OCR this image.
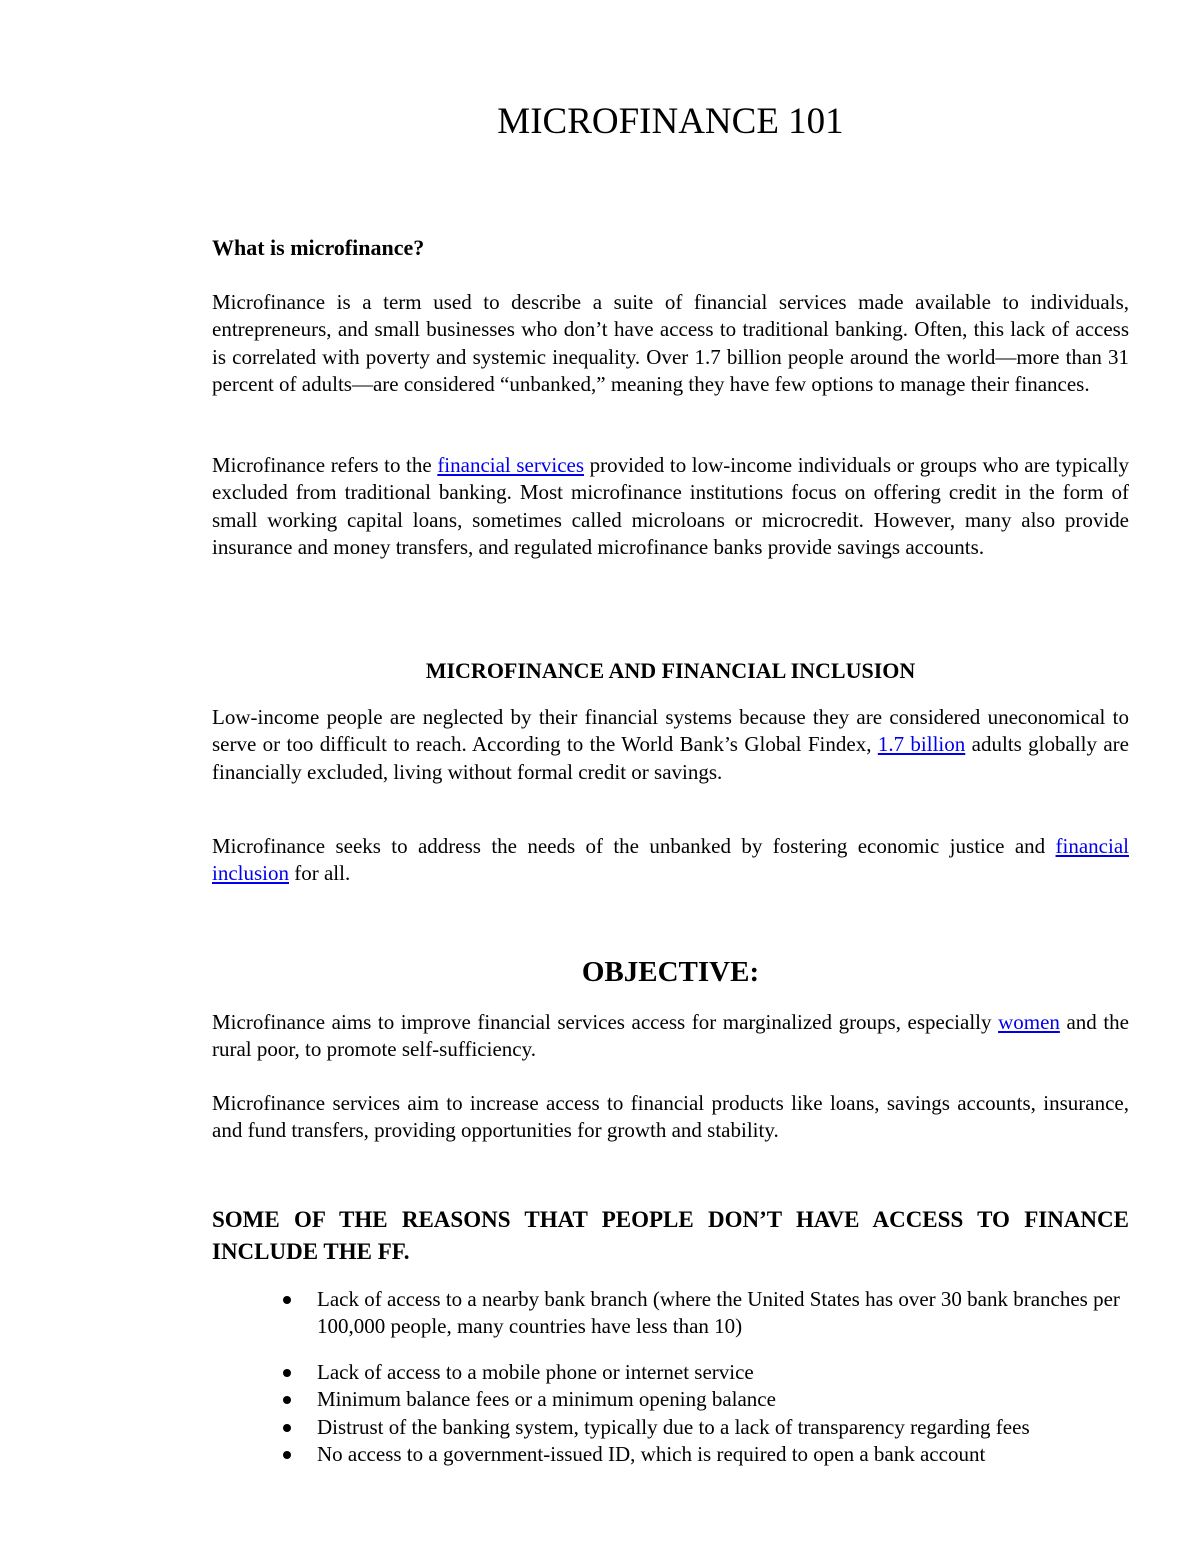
MICROFINANCE 101
What is microfinance?

Microfinance is a term used to describe a suite of financial services made available to individuals, entrepreneurs, and small businesses who don’t have access to traditional banking. Often, this lack of access is correlated with poverty and systemic inequality. Over 1.7 billion people around the world—more than 31 percent of adults—are considered “unbanked,” meaning they have few options to manage their finances.

Microfinance refers to the financial services provided to low-income individuals or groups who are typically excluded from traditional banking. Most microfinance institutions focus on offering credit in the form of small working capital loans, sometimes called microloans or microcredit. However, many also provide insurance and money transfers, and regulated microfinance banks provide savings accounts.

MICROFINANCE AND FINANCIAL INCLUSION

Low-income people are neglected by their financial systems because they are considered uneconomical to serve or too difficult to reach. According to the World Bank’s Global Findex, 1.7 billion adults globally are financially excluded, living without formal credit or savings.

Microfinance seeks to address the needs of the unbanked by fostering economic justice and financial inclusion for all.

OBJECTIVE:

Microfinance aims to improve financial services access for marginalized groups, especially women and the rural poor, to promote self-sufficiency.

Microfinance services aim to increase access to financial products like loans, savings accounts, insurance, and fund transfers, providing opportunities for growth and stability.

SOME OF THE REASONS THAT PEOPLE DON’T HAVE ACCESS TO FINANCE INCLUDE THE FF.
Lack of access to a nearby bank branch (where the United States has over 30 bank branches per 100,000 people, many countries have less than 10)
Lack of access to a mobile phone or internet service
Minimum balance fees or a minimum opening balance
Distrust of the banking system, typically due to a lack of transparency regarding fees
No access to a government-issued ID, which is required to open a bank account
